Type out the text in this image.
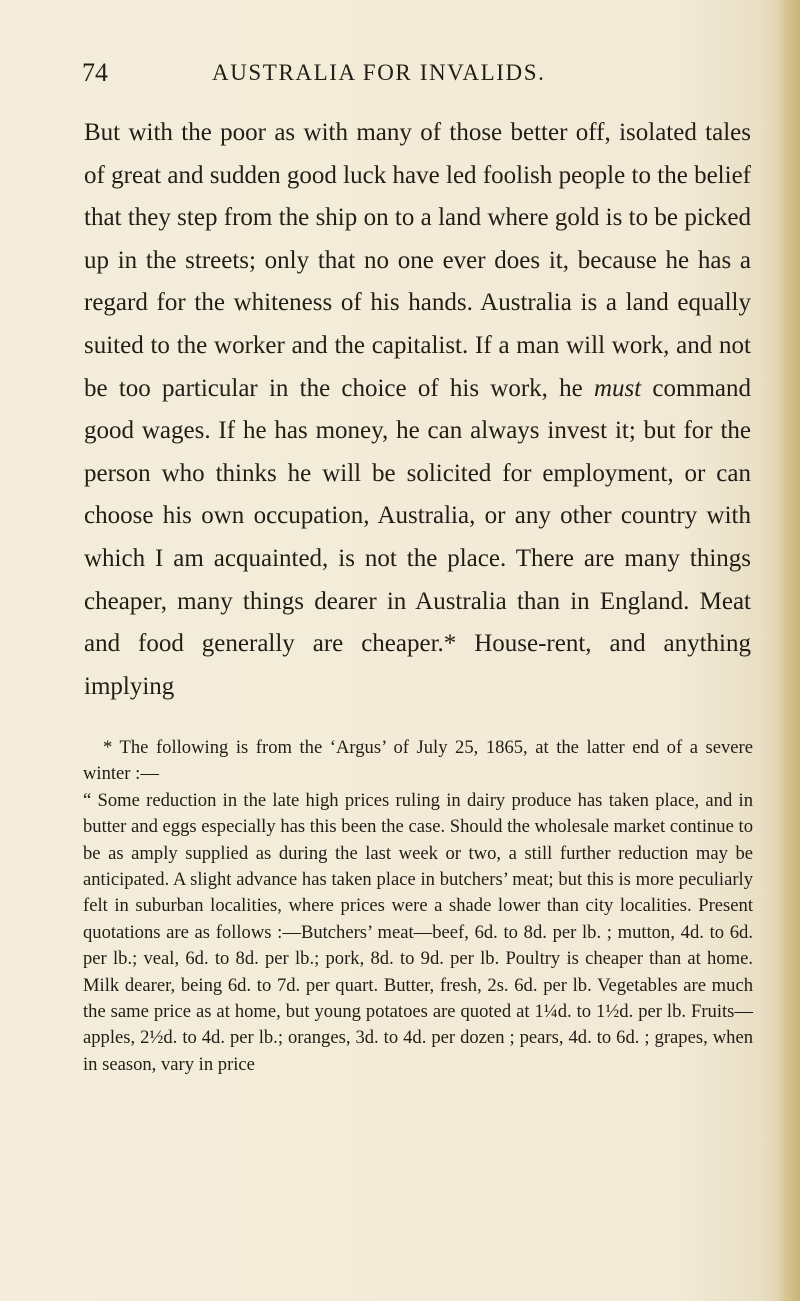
74	AUSTRALIA FOR INVALIDS.

But with the poor as with many of those better off, isolated tales of great and sudden good luck have led foolish people to the belief that they step from the ship on to a land where gold is to be picked up in the streets; only that no one ever does it, because he has a regard for the whiteness of his hands. Australia is a land equally suited to the worker and the capitalist. If a man will work, and not be too particular in the choice of his work, he must command good wages. If he has money, he can always invest it; but for the person who thinks he will be solicited for employment, or can choose his own occupation, Australia, or any other country with which I am acquainted, is not the place. There are many things cheaper, many things dearer in Australia than in England. Meat and food generally are cheaper.* House-rent, and anything implying

* The following is from the ‘Argus’ of July 25, 1865, at the latter end of a severe winter :—

“ Some reduction in the late high prices ruling in dairy produce has taken place, and in butter and eggs especially has this been the case. Should the wholesale market continue to be as amply supplied as during the last week or two, a still further reduction may be anticipated. A slight advance has taken place in butchers’ meat; but this is more peculiarly felt in suburban localities, where prices were a shade lower than city localities. Present quotations are as follows :—Butchers’ meat—beef, 6d. to 8d. per lb. ; mutton, 4d. to 6d. per lb.; veal, 6d. to 8d. per lb.; pork, 8d. to 9d. per lb. Poultry is cheaper than at home. Milk dearer, being 6d. to 7d. per quart. Butter, fresh, 2s. 6d. per lb. Vegetables are much the same price as at home, but young potatoes are quoted at 1¼d. to 1½d. per lb. Fruits—apples, 2½d. to 4d. per lb.; oranges, 3d. to 4d. per dozen ; pears, 4d. to 6d. ; grapes, when in season, vary in price
